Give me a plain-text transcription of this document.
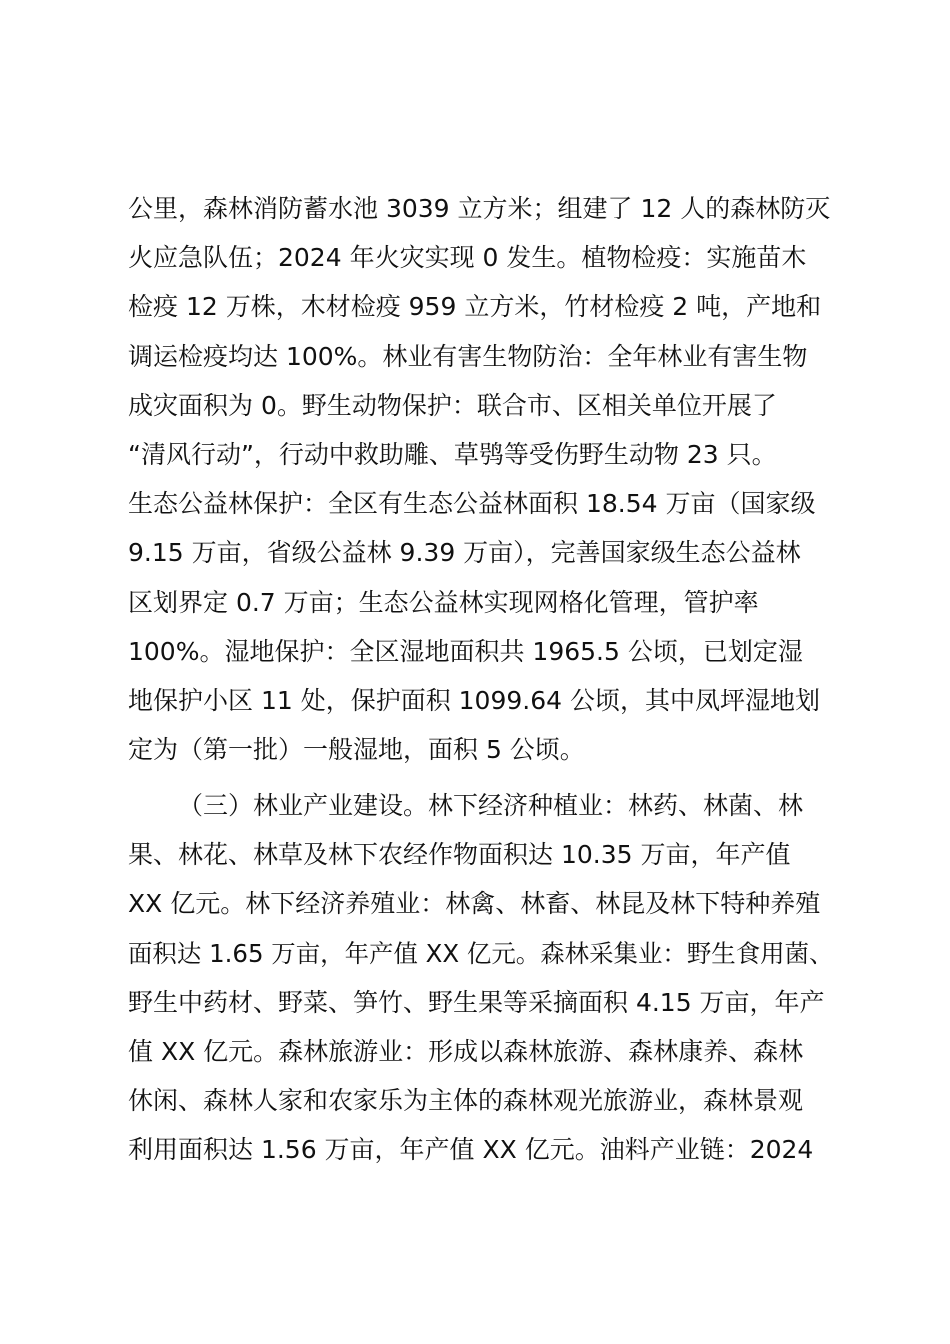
公里，森林消防蓄水池 3039 立方米；组建了 12 人的森林防灭
火应急队伍；2024 年火灾实现 0 发生。植物检疫：实施苗木
检疫 12 万株，木材检疫 959 立方米，竹材检疫 2 吨，产地和
调运检疫均达 100%。林业有害生物防治：全年林业有害生物
成灾面积为 0。野生动物保护：联合市、区相关单位开展了
“清风行动”，行动中救助雕、草鸮等受伤野生动物 23 只。
生态公益林保护：全区有生态公益林面积 18.54 万亩（国家级
9.15 万亩，省级公益林 9.39 万亩），完善国家级生态公益林
区划界定 0.7 万亩；生态公益林实现网格化管理，管护率
100%。湿地保护：全区湿地面积共 1965.5 公顷，已划定湿
地保护小区 11 处，保护面积 1099.64 公顷，其中凤坪湿地划
定为（第一批）一般湿地，面积 5 公顷。

（三）林业产业建设。林下经济种植业：林药、林菌、林
果、林花、林草及林下农经作物面积达 10.35 万亩，年产值
XX 亿元。林下经济养殖业：林禽、林畜、林昆及林下特种养殖
面积达 1.65 万亩，年产值 XX 亿元。森林采集业：野生食用菌、
野生中药材、野菜、笋竹、野生果等采摘面积 4.15 万亩，年产
值 XX 亿元。森林旅游业：形成以森林旅游、森林康养、森林
休闲、森林人家和农家乐为主体的森林观光旅游业，森林景观
利用面积达 1.56 万亩，年产值 XX 亿元。油料产业链：2024
